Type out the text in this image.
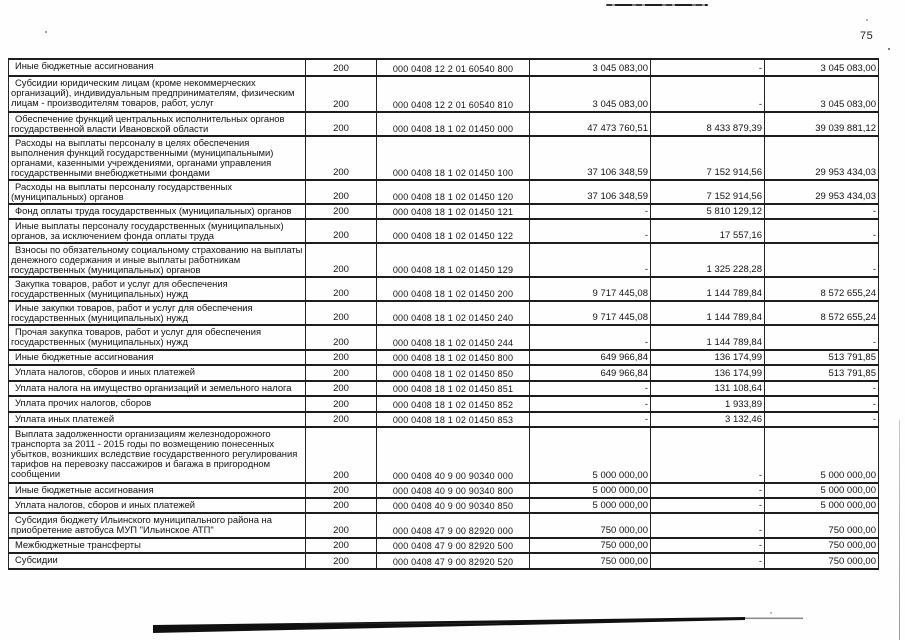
75
Иные бюджетные ассигнования	200	000 0408 12 2 01 60540 800	3 045 083,00	-	3 045 083,00
Субсидии юридическим лицам (кроме некоммерческих организаций), индивидуальным предпринимателям, физическим лицам - производителям товаров, работ, услуг	200	000 0408 12 2 01 60540 810	3 045 083,00	-	3 045 083,00
Обеспечение функций центральных исполнительных органов государственной власти Ивановской области	200	000 0408 18 1 02 01450 000	47 473 760,51	8 433 879,39	39 039 881,12
Расходы на выплаты персоналу в целях обеспечения выполнения функций государственными (муниципальными) органами, казенными учреждениями, органами управления государственными внебюджетными фондами	200	000 0408 18 1 02 01450 100	37 106 348,59	7 152 914,56	29 953 434,03
Расходы на выплаты персоналу государственных (муниципальных) органов	200	000 0408 18 1 02 01450 120	37 106 348,59	7 152 914,56	29 953 434,03
Фонд оплаты труда государственных (муниципальных) органов	200	000 0408 18 1 02 01450 121	-	5 810 129,12	-
Иные выплаты персоналу государственных (муниципальных) органов, за исключением фонда оплаты труда	200	000 0408 18 1 02 01450 122	-	17 557,16	-
Взносы по обязательному социальному страхованию на выплаты денежного содержания и иные выплаты работникам государственных (муниципальных) органов	200	000 0408 18 1 02 01450 129	-	1 325 228,28	-
Закупка товаров, работ и услуг для обеспечения государственных (муниципальных) нужд	200	000 0408 18 1 02 01450 200	9 717 445,08	1 144 789,84	8 572 655,24
Иные закупки товаров, работ и услуг для обеспечения государственных (муниципальных) нужд	200	000 0408 18 1 02 01450 240	9 717 445,08	1 144 789,84	8 572 655,24
Прочая закупка товаров, работ и услуг для обеспечения государственных (муниципальных) нужд	200	000 0408 18 1 02 01450 244	-	1 144 789,84	-
Иные бюджетные ассигнования	200	000 0408 18 1 02 01450 800	649 966,84	136 174,99	513 791,85
Уплата налогов, сборов и иных платежей	200	000 0408 18 1 02 01450 850	649 966,84	136 174,99	513 791,85
Уплата налога на имущество организаций и земельного налога	200	000 0408 18 1 02 01450 851	-	131 108,64	-
Уплата прочих налогов, сборов	200	000 0408 18 1 02 01450 852	-	1 933,89	-
Уплата иных платежей	200	000 0408 18 1 02 01450 853	-	3 132,46	-
Выплата задолженности организациям железнодорожного транспорта за 2011 - 2015 годы по возмещению понесенных убытков, возникших вследствие государственного регулирования тарифов на перевозку пассажиров и багажа в пригородном сообщении	200	000 0408 40 9 00 90340 000	5 000 000,00	-	5 000 000,00
Иные бюджетные ассигнования	200	000 0408 40 9 00 90340 800	5 000 000,00	-	5 000 000,00
Уплата налогов, сборов и иных платежей	200	000 0408 40 9 00 90340 850	5 000 000,00	-	5 000 000,00
Субсидия бюджету Ильинского муниципального района на приобретение автобуса МУП "Ильинское АТП"	200	000 0408 47 9 00 82920 000	750 000,00	-	750 000,00
Межбюджетные трансферты	200	000 0408 47 9 00 82920 500	750 000,00	-	750 000,00
Субсидии	200	000 0408 47 9 00 82920 520	750 000,00	-	750 000,00
